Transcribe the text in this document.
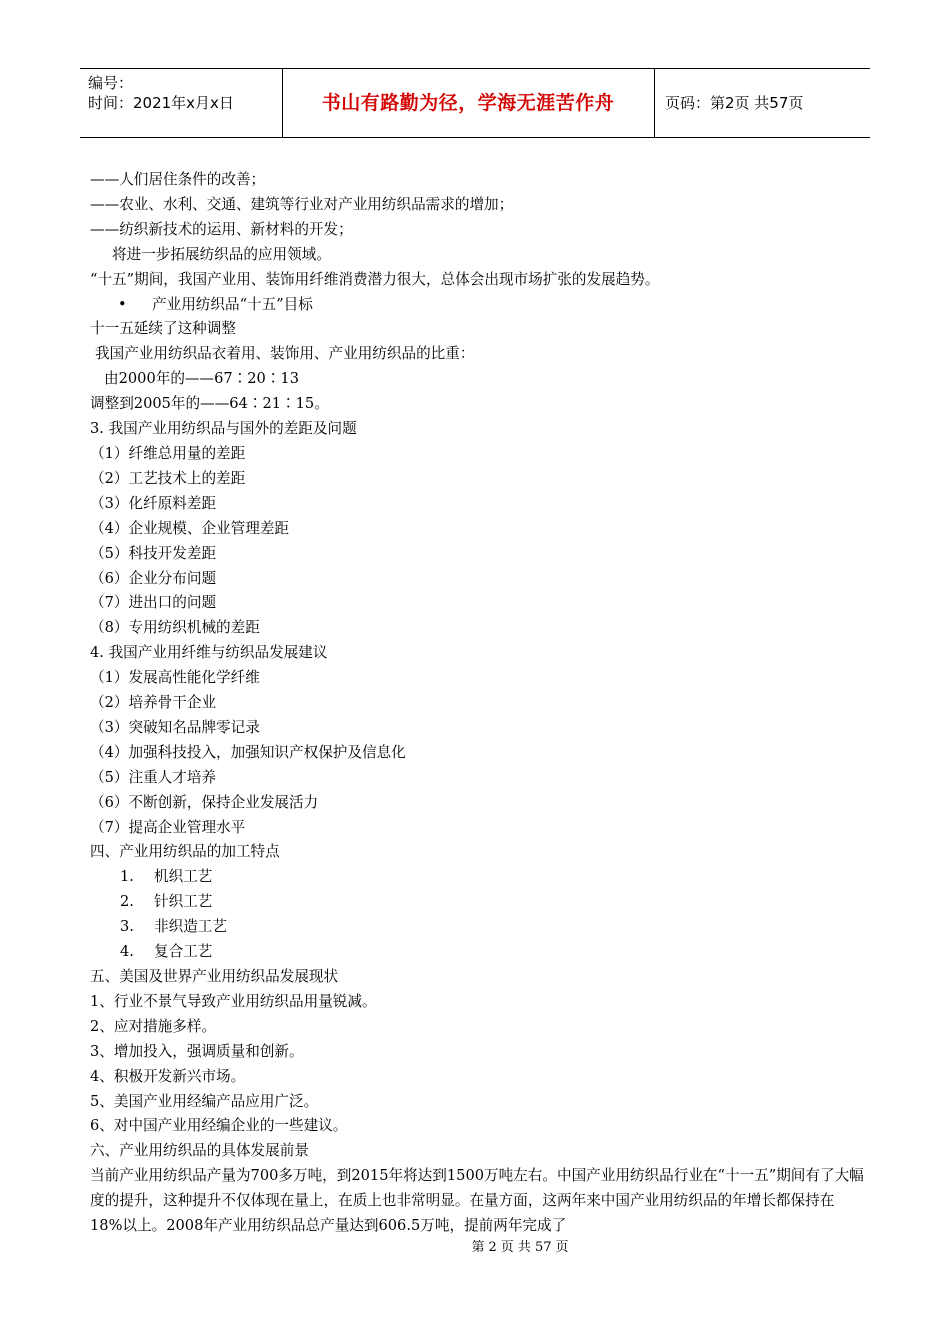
编号：
时间：2021年x月x日	书山有路勤为径，学海无涯苦作舟	页码：第2页 共57页

——人们居住条件的改善；

——农业、水利、交通、建筑等行业对产业用纺织品需求的增加；

——纺织新技术的运用、新材料的开发；

将进一步拓展纺织品的应用领域。

“十五”期间，我国产业用、装饰用纤维消费潜力很大，总体会出现市场扩张的发展趋势。

• 产业用纺织品“十五”目标

十一五延续了这种调整

我国产业用纺织品衣着用、装饰用、产业用纺织品的比重：

由2000年的——67∶20∶13

调整到2005年的——64∶21∶15。

3. 我国产业用纺织品与国外的差距及问题

（1）纤维总用量的差距

（2）工艺技术上的差距

（3）化纤原料差距

（4）企业规模、企业管理差距

（5）科技开发差距

（6）企业分布问题

（7）进出口的问题

（8）专用纺织机械的差距

4. 我国产业用纤维与纺织品发展建议

（1）发展高性能化学纤维

（2）培养骨干企业

（3）突破知名品牌零记录

（4）加强科技投入，加强知识产权保护及信息化

（5）注重人才培养

（6）不断创新，保持企业发展活力

（7）提高企业管理水平

四、产业用纺织品的加工特点

1. 机织工艺

2. 针织工艺

3. 非织造工艺

4. 复合工艺

五、美国及世界产业用纺织品发展现状

1、行业不景气导致产业用纺织品用量锐减。

2、应对措施多样。

3、增加投入，强调质量和创新。

4、积极开发新兴市场。

5、美国产业用经编产品应用广泛。

6、对中国产业用经编企业的一些建议。

六、产业用纺织品的具体发展前景

当前产业用纺织品产量为700多万吨，到2015年将达到1500万吨左右。中国产业用纺织品行业在“十一五”期间有了大幅度的提升，这种提升不仅体现在量上，在质上也非常明显。在量方面，这两年来中国产业用纺织品的年增长都保持在18%以上。2008年产业用纺织品总产量达到606.5万吨，提前两年完成了

第 2 页 共 57 页
